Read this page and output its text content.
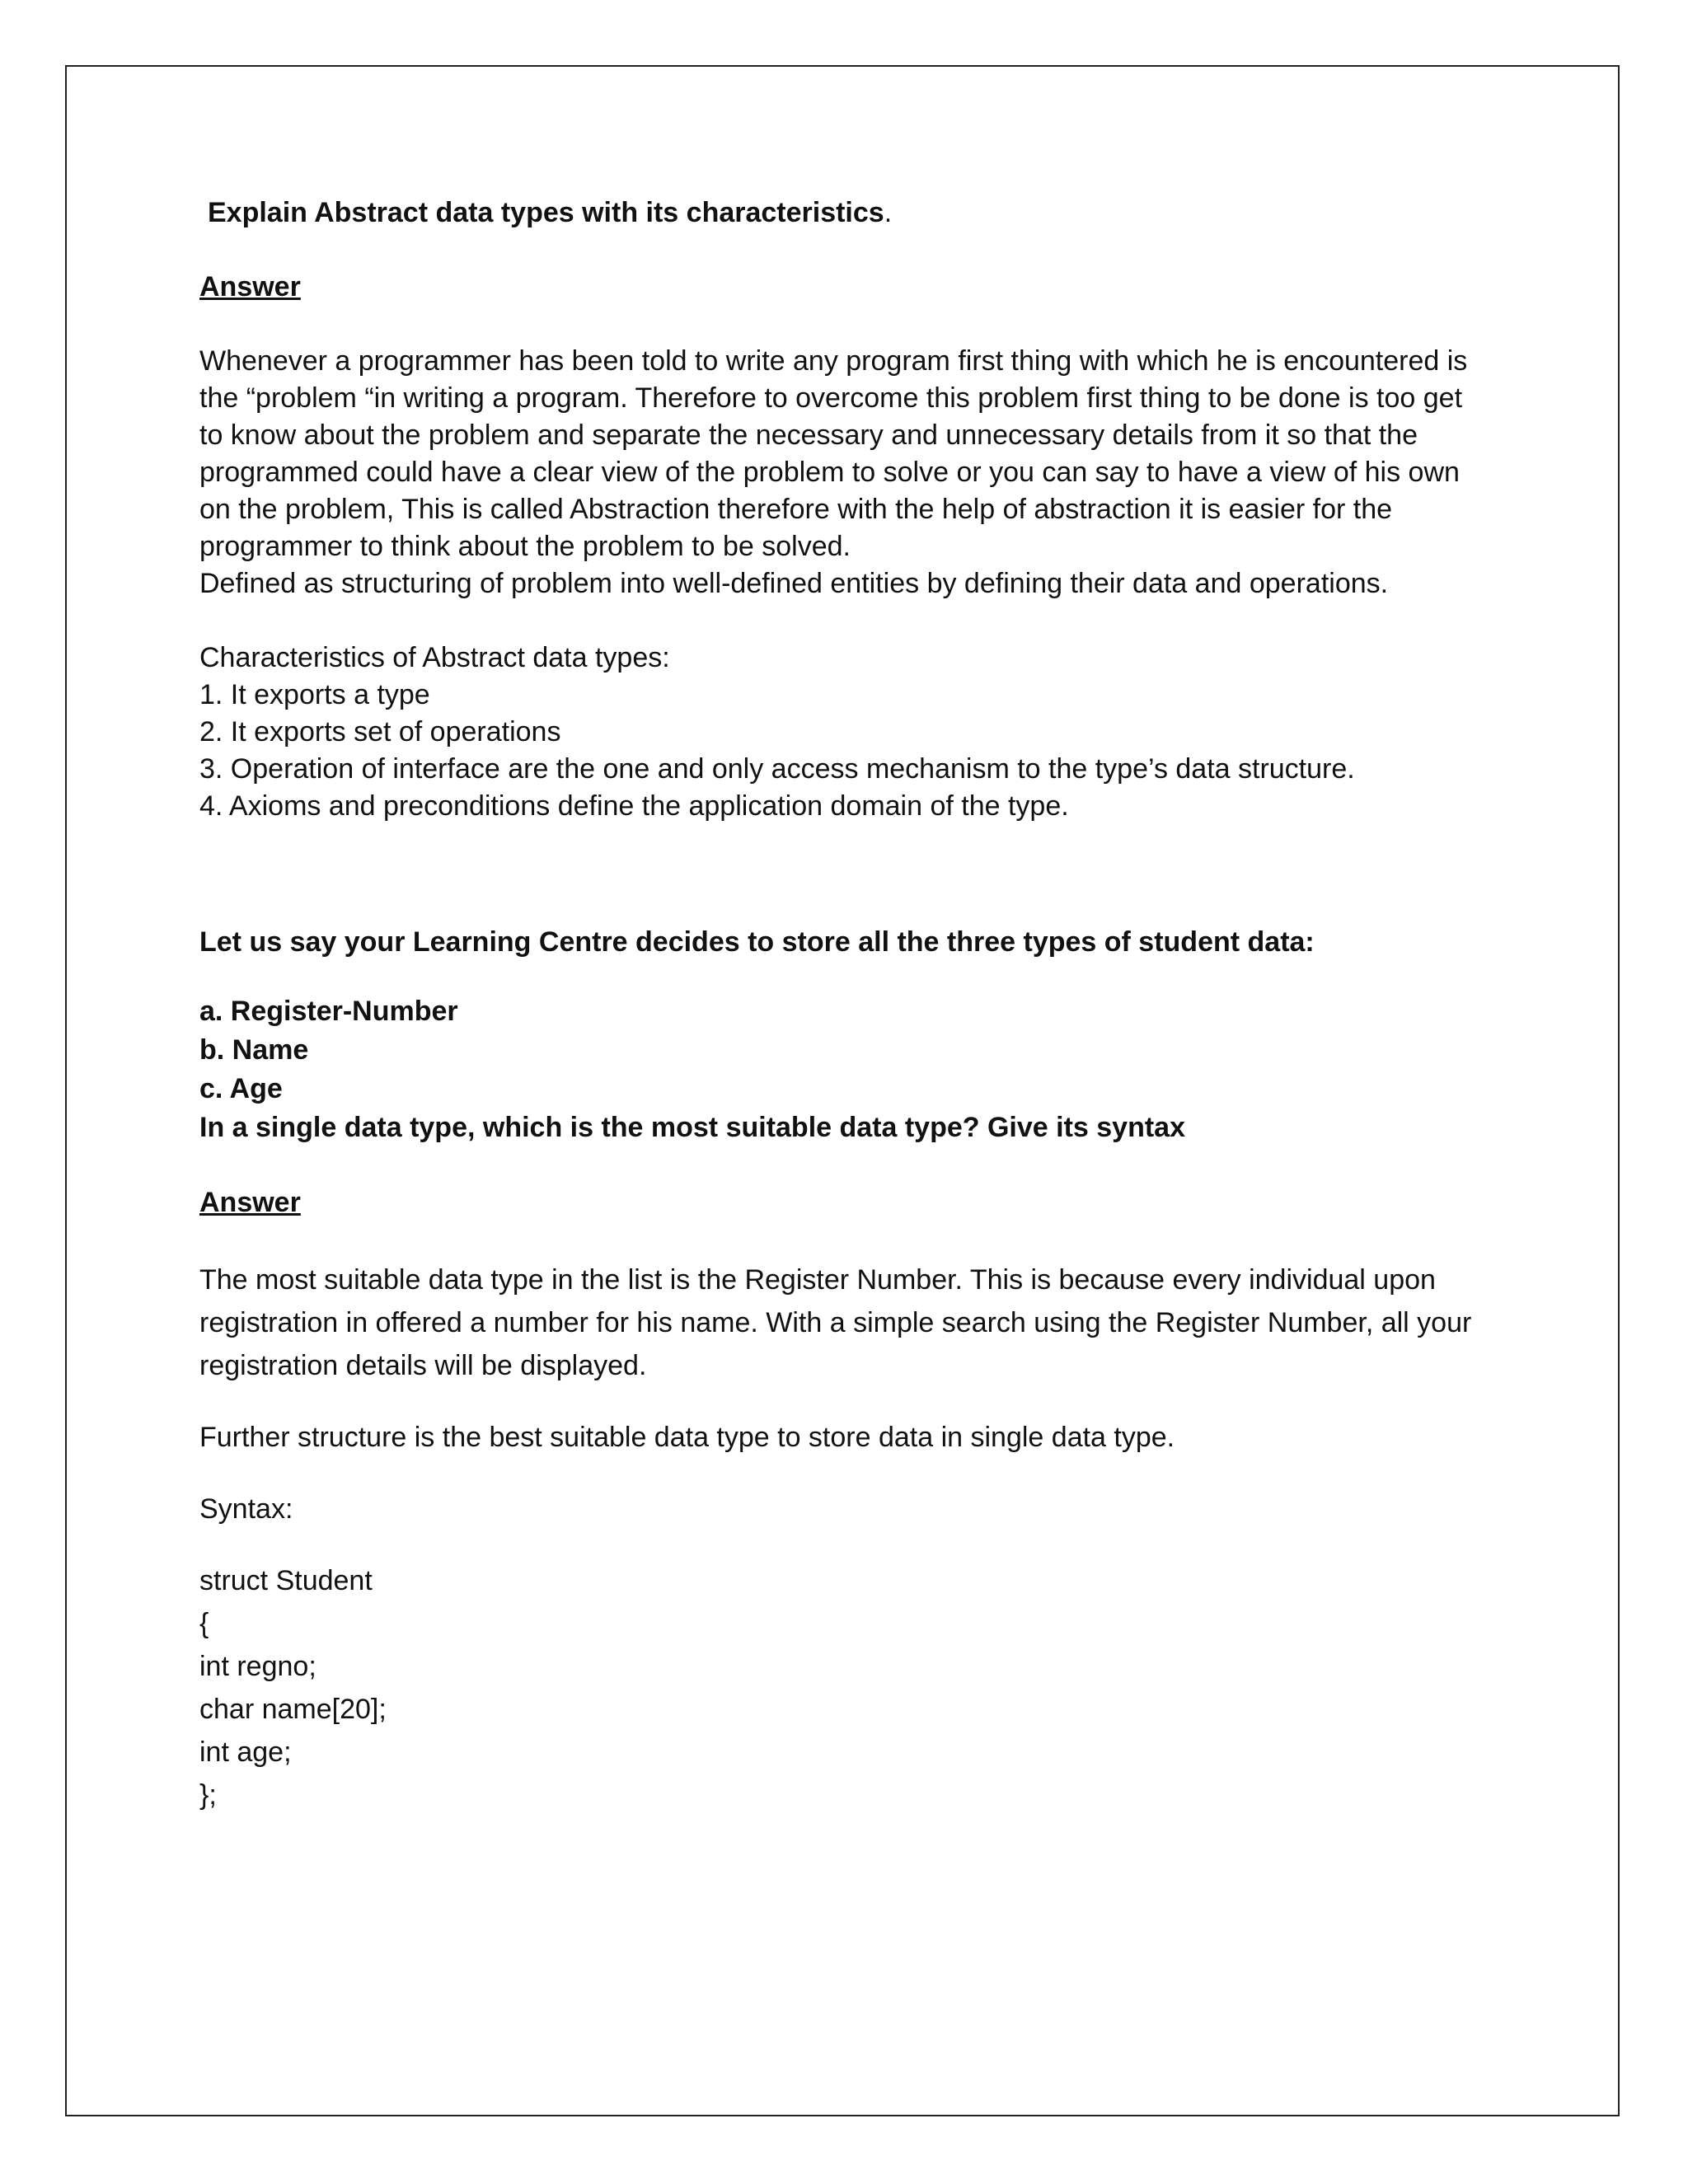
Explain Abstract data types with its characteristics.

Answer
Whenever a programmer has been told to write any program first thing with which he is encountered is
the “problem “in writing a program. Therefore to overcome this problem first thing to be done is too get
to know about the problem and separate the necessary and unnecessary details from it so that the
programmed could have a clear view of the problem to solve or you can say to have a view of his own
on the problem, This is called Abstraction therefore with the help of abstraction it is easier for the
programmer to think about the problem to be solved.
Defined as structuring of problem into well-defined entities by defining their data and operations.
Characteristics of Abstract data types:
1. It exports a type
2. It exports set of operations
3. Operation of interface are the one and only access mechanism to the type’s data structure.
4. Axioms and preconditions define the application domain of the type.
Let us say your Learning Centre decides to store all the three types of student data:
a. Register-Number
b. Name
c. Age
In a single data type, which is the most suitable data type? Give its syntax
Answer
The most suitable data type in the list is the Register Number. This is because every individual upon
registration in offered a number for his name. With a simple search using the Register Number, all your
registration details will be displayed.
Further structure is the best suitable data type to store data in single data type.
Syntax:
struct Student
{
int regno;
char name[20];
int age;
};
